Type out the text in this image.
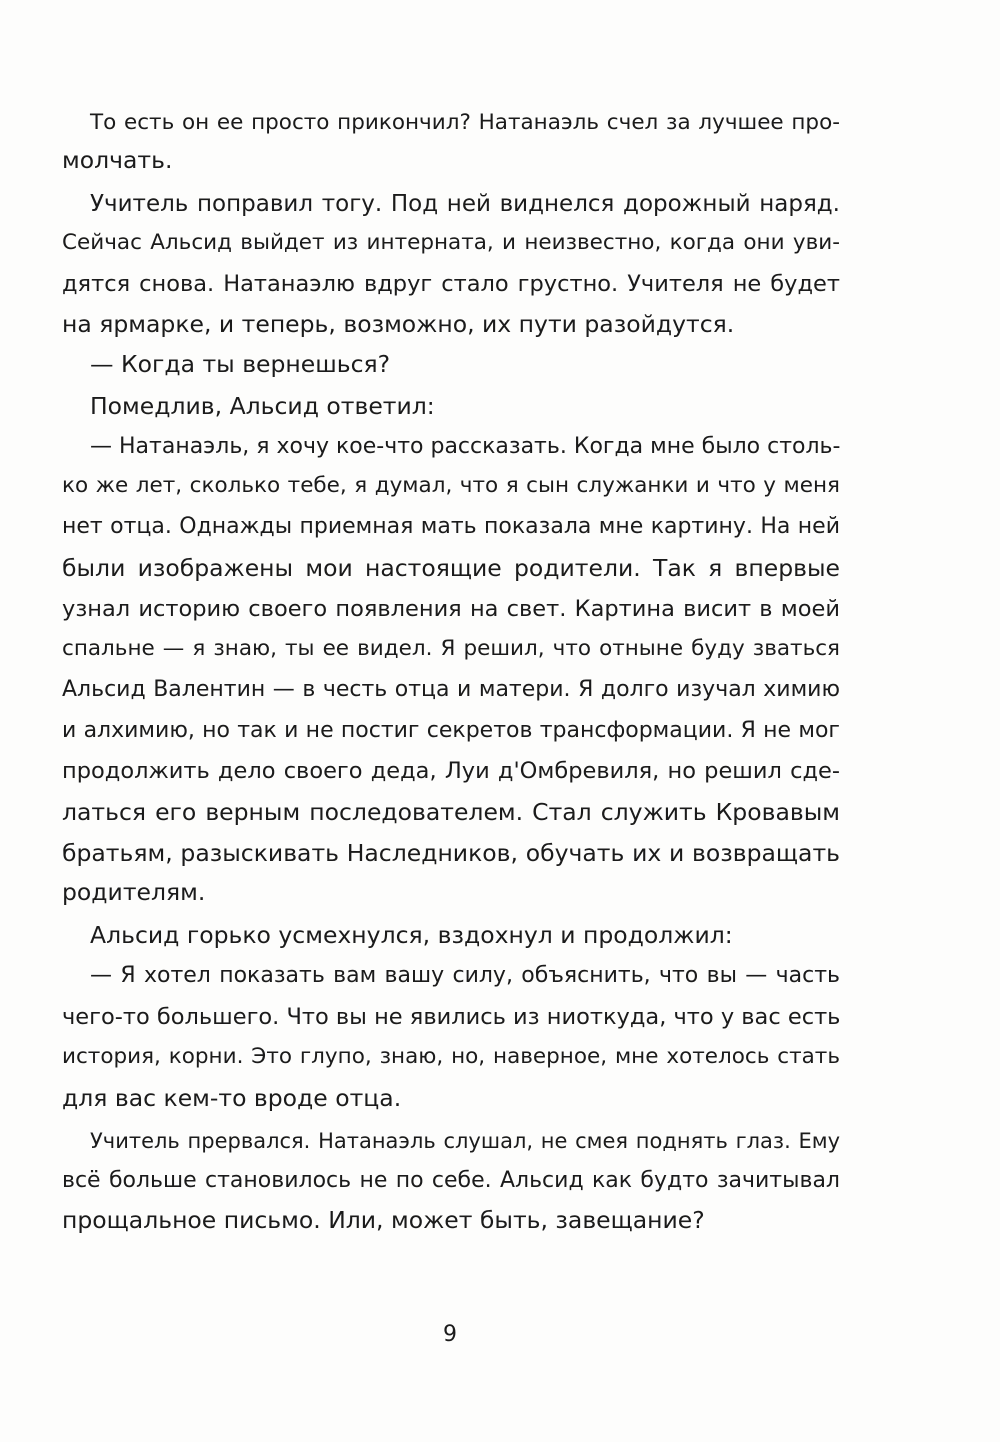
То есть он ее просто прикончил? Натанаэль счел за лучшее про-
молчать.
Учитель поправил тогу. Под ней виднелся дорожный наряд.
Сейчас Альсид выйдет из интерната, и неизвестно, когда они уви-
дятся снова. Натанаэлю вдруг стало грустно. Учителя не будет
на ярмарке, и теперь, возможно, их пути разойдутся.
— Когда ты вернешься?
Помедлив, Альсид ответил:
— Натанаэль, я хочу кое-что рассказать. Когда мне было столь-
ко же лет, сколько тебе, я думал, что я сын служанки и что у меня
нет отца. Однажды приемная мать показала мне картину. На ней
были изображены мои настоящие родители. Так я впервые
узнал историю своего появления на свет. Картина висит в моей
спальне — я знаю, ты ее видел. Я решил, что отныне буду зваться
Альсид Валентин — в честь отца и матери. Я долго изучал химию
и алхимию, но так и не постиг секретов трансформации. Я не мог
продолжить дело своего деда, Луи д'Омбревиля, но решил сде-
латься его верным последователем. Стал служить Кровавым
братьям, разыскивать Наследников, обучать их и возвращать
родителям.
Альсид горько усмехнулся, вздохнул и продолжил:
— Я хотел показать вам вашу силу, объяснить, что вы — часть
чего-то большего. Что вы не явились из ниоткуда, что у вас есть
история, корни. Это глупо, знаю, но, наверное, мне хотелось стать
для вас кем-то вроде отца.
Учитель прервался. Натанаэль слушал, не смея поднять глаз. Ему
всё больше становилось не по себе. Альсид как будто зачитывал
прощальное письмо. Или, может быть, завещание?
9
